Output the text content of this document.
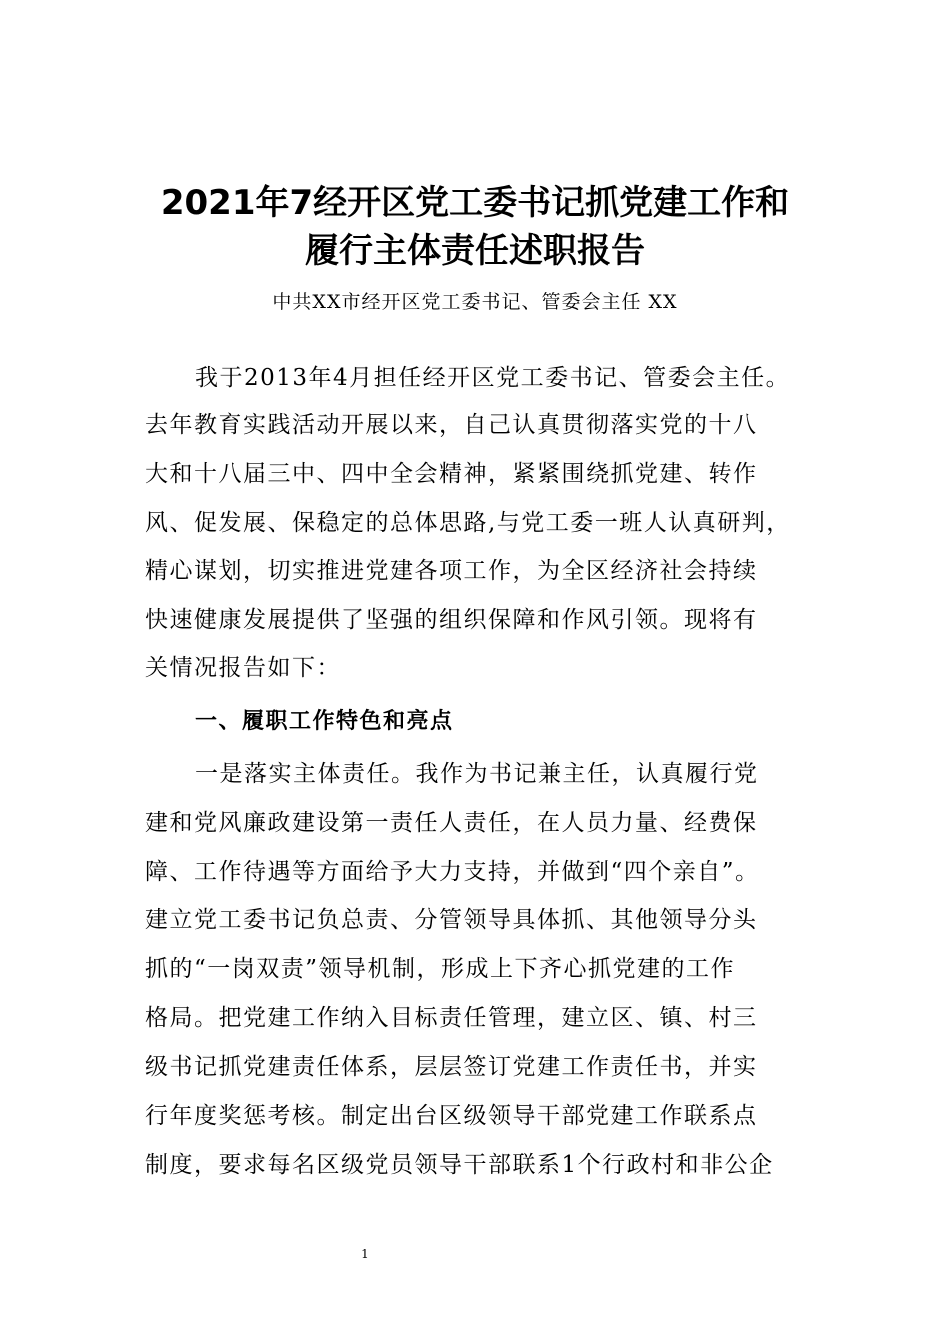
2021年7经开区党工委书记抓党建工作和
履行主体责任述职报告
中共XX市经开区党工委书记、管委会主任 XX
我于2013年4月担任经开区党工委书记、管委会主任。
去年教育实践活动开展以来，自己认真贯彻落实党的十八
大和十八届三中、四中全会精神，紧紧围绕抓党建、转作
风、促发展、保稳定的总体思路,与党工委一班人认真研判，
精心谋划，切实推进党建各项工作，为全区经济社会持续
快速健康发展提供了坚强的组织保障和作风引领。现将有
关情况报告如下：
一、履职工作特色和亮点
一是落实主体责任。我作为书记兼主任，认真履行党
建和党风廉政建设第一责任人责任，在人员力量、经费保
障、工作待遇等方面给予大力支持，并做到“四个亲自”。
建立党工委书记负总责、分管领导具体抓、其他领导分头
抓的“一岗双责”领导机制，形成上下齐心抓党建的工作
格局。把党建工作纳入目标责任管理，建立区、镇、村三
级书记抓党建责任体系，层层签订党建工作责任书，并实
行年度奖惩考核。制定出台区级领导干部党建工作联系点
制度，要求每名区级党员领导干部联系1个行政村和非公企
1
